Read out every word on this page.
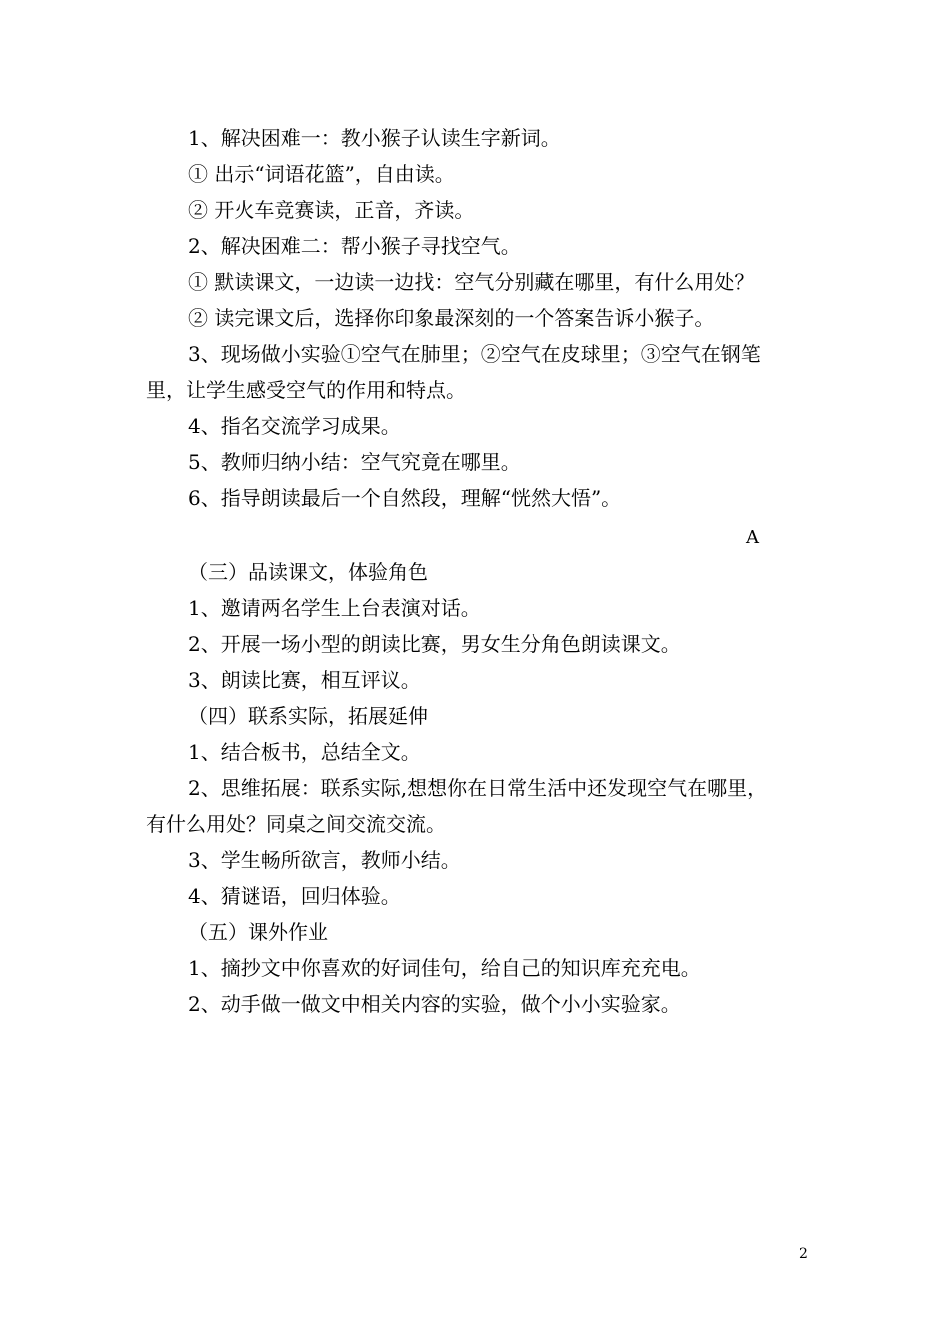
1、解决困难一：教小猴子认读生字新词。
① 出示“词语花篮”，自由读。
② 开火车竞赛读，正音，齐读。
2、解决困难二：帮小猴子寻找空气。
① 默读课文，一边读一边找：空气分别藏在哪里，有什么用处？
② 读完课文后，选择你印象最深刻的一个答案告诉小猴子。
3、现场做小实验①空气在肺里；②空气在皮球里；③空气在钢笔
里，让学生感受空气的作用和特点。
4、指名交流学习成果。
5、教师归纳小结：空气究竟在哪里。
6、指导朗读最后一个自然段，理解“恍然大悟”。
A
（三）品读课文，体验角色
1、邀请两名学生上台表演对话。
2、开展一场小型的朗读比赛，男女生分角色朗读课文。
3、朗读比赛，相互评议。
（四）联系实际，拓展延伸
1、结合板书，总结全文。
2、思维拓展：联系实际,想想你在日常生活中还发现空气在哪里，
有什么用处？同桌之间交流交流。
3、学生畅所欲言，教师小结。
4、猜谜语，回归体验。
（五）课外作业
1、摘抄文中你喜欢的好词佳句，给自己的知识库充充电。
2、动手做一做文中相关内容的实验，做个小小实验家。
2
